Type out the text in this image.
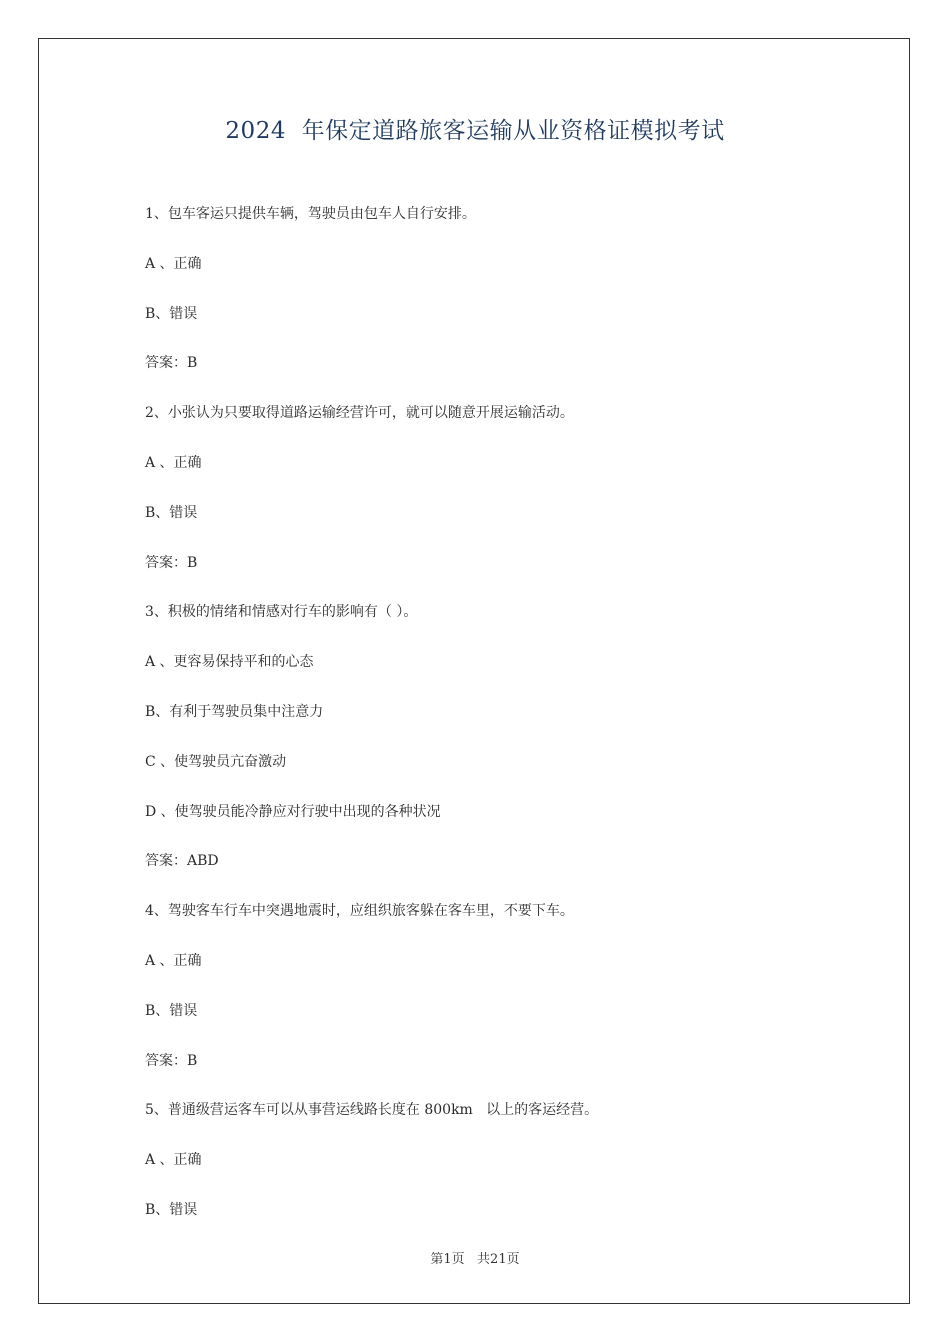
2024  年保定道路旅客运输从业资格证模拟考试
1、包车客运只提供车辆，驾驶员由包车人自行安排。
A 、正确
B、错误
答案：B
2、小张认为只要取得道路运输经营许可，就可以随意开展运输活动。
A 、正确
B、错误
答案：B
3、积极的情绪和情感对行车的影响有（ ）。
A 、更容易保持平和的心态
B、有利于驾驶员集中注意力
C 、使驾驶员亢奋激动
D 、使驾驶员能冷静应对行驶中出现的各种状况
答案：ABD
4、驾驶客车行车中突遇地震时，应组织旅客躲在客车里，不要下车。
A 、正确
B、错误
答案：B
5、普通级营运客车可以从事营运线路长度在 800km   以上的客运经营。
A 、正确
B、错误
第1页   共21页
